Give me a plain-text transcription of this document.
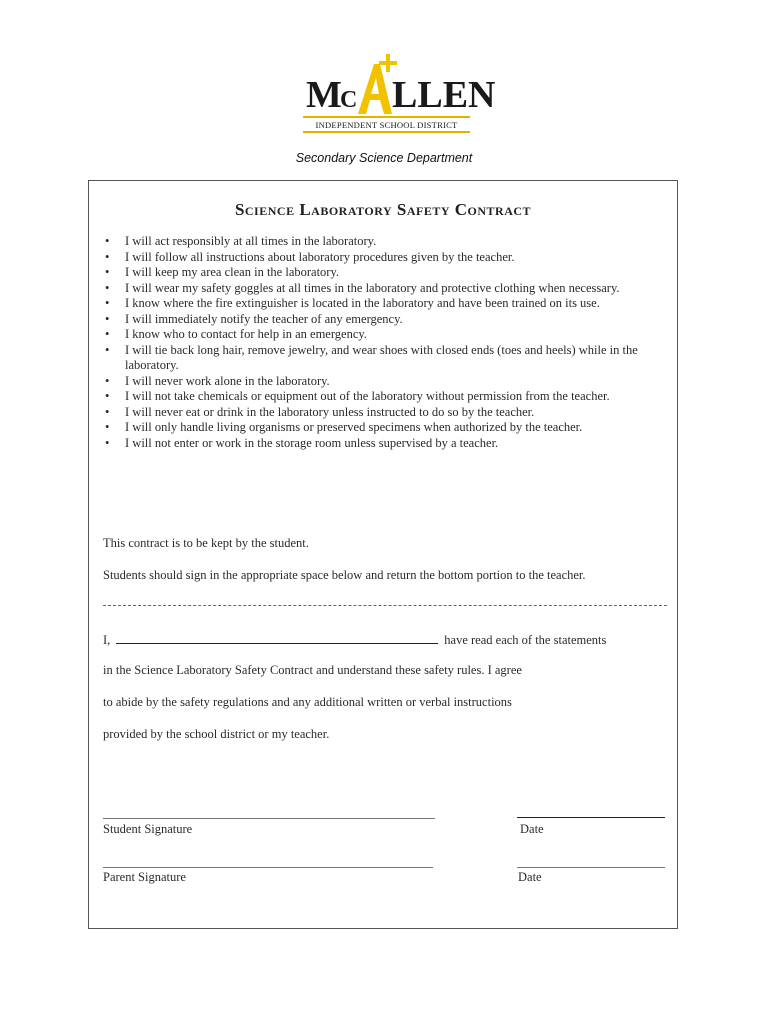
M
C LLEN
INDEPENDENT SCHOOL DISTRICT
Secondary Science Department
Science Laboratory Safety Contract
• I will act responsibly at all times in the laboratory.
• I will follow all instructions about laboratory procedures given by the teacher.
• I will keep my area clean in the laboratory.
• I will wear my safety goggles at all times in the laboratory and protective clothing when necessary.
• I know where the fire extinguisher is located in the laboratory and have been trained on its use.
• I will immediately notify the teacher of any emergency.
• I know who to contact for help in an emergency.
• I will tie back long hair, remove jewelry, and wear shoes with closed ends (toes and heels) while in the laboratory.
• I will never work alone in the laboratory.
• I will not take chemicals or equipment out of the laboratory without permission from the teacher.
• I will never eat or drink in the laboratory unless instructed to do so by the teacher.
• I will only handle living organisms or preserved specimens when authorized by the teacher.
• I will not enter or work in the storage room unless supervised by a teacher.
This contract is to be kept by the student.
Students should sign in the appropriate space below and return the bottom portion to the teacher.
I,	have read each of the statements
in the Science Laboratory Safety Contract and understand these safety rules. I agree
to abide by the safety regulations and any additional written or verbal instructions
provided by the school district or my teacher.
Student Signature	Date
Parent Signature	Date
